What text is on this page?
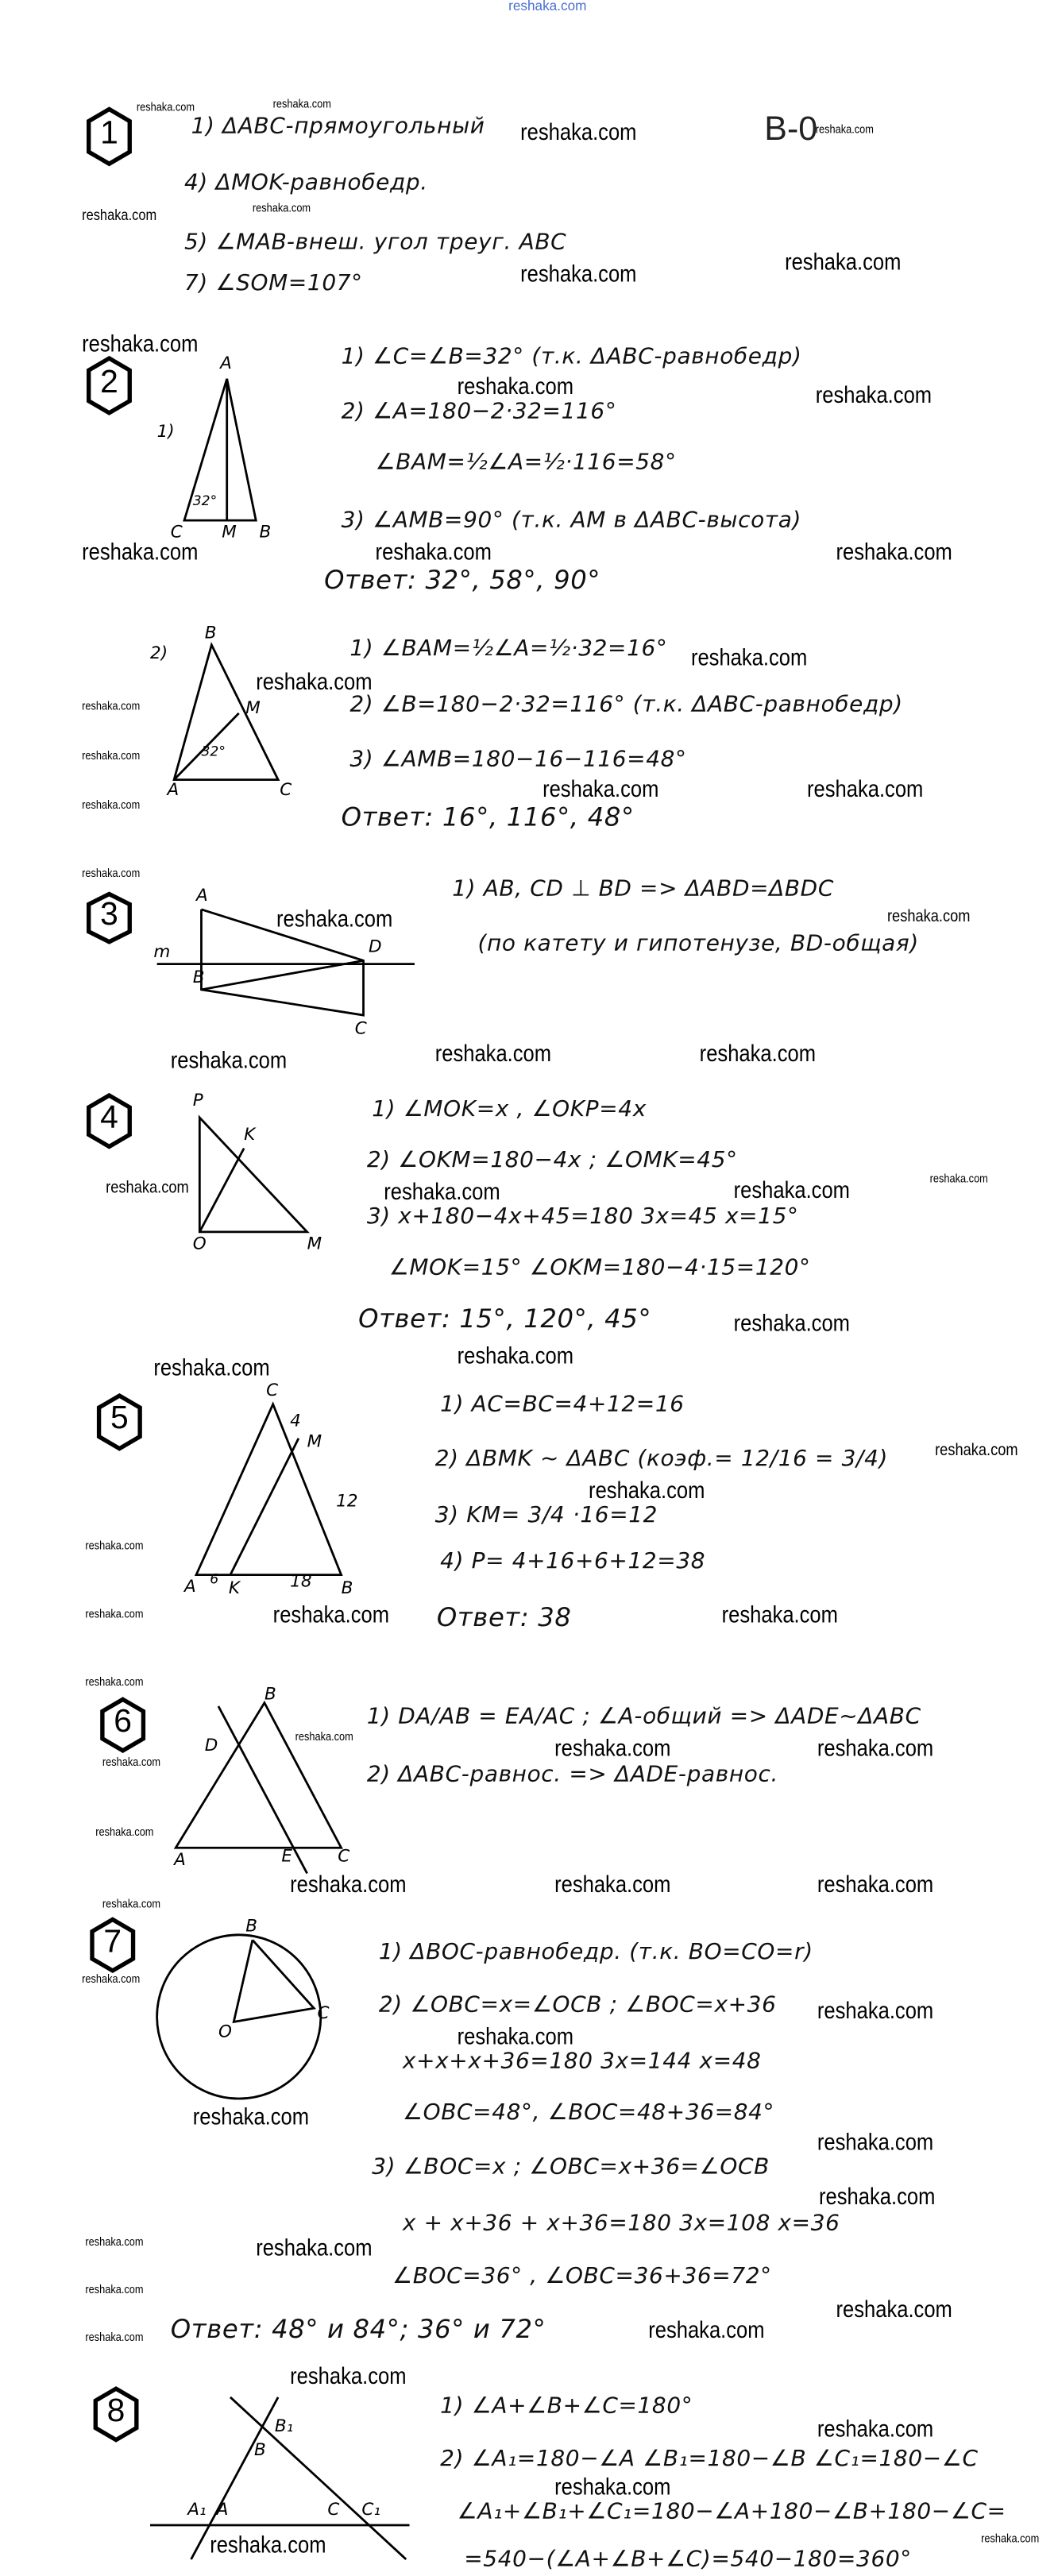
reshaka.com
B-0
1
2
3
4
5
6
7
8
1) ΔABC-прямоугольный
4) ΔMOK-равнобедр.
5) ∠MAB-внеш. угол треуг. ABC
7) ∠SOM=107°
1)
A
C	M	B
32°
1) ∠C=∠B=32° (т.к. ΔABC-равнобедр)
2) ∠A=180−2·32=116°
∠BAM=½∠A=½·116=58°
3) ∠AMB=90° (т.к. AM в ΔABC-высота)
Ответ: 32°, 58°, 90°
2)
B
M
A	C
32°
1) ∠BAM=½∠A=½·32=16°
2) ∠B=180−2·32=116° (т.к. ΔABC-равнобедр)
3) ∠AMB=180−16−116=48°
Ответ: 16°, 116°, 48°
A
D
m
B
C
1) AB, CD ⊥ BD => ΔABD=ΔBDC
(по катету и гипотенузе, BD-общая)
P
K
O	M
1) ∠MOK=x , ∠OKP=4x
2) ∠OKM=180−4x ; ∠OMK=45°
3) x+180−4x+45=180 3x=45 x=15°
∠MOK=15° ∠OKM=180−4·15=120°
Ответ: 15°, 120°, 45°
C
4
M
12
A 6
K	18	B
1) AC=BC=4+12=16
2) ΔBMK ~ ΔABC (коэф.= 12/16 = 3/4)
3) KM= 3/4 ·16=12
4) P= 4+16+6+12=38
Ответ: 38
B
D
A	E	C
1) DA/AB = EA/AC ; ∠A-общий => ΔADE~ΔABC
2) ΔABC-равнос. => ΔADE-равнос.
B
O
C
1) ΔBOC-равнобедр. (т.к. BO=CO=r)
2) ∠OBC=x=∠OCB ; ∠BOC=x+36
x+x+x+36=180 3x=144 x=48
∠OBC=48°, ∠BOC=48+36=84°
3) ∠BOC=x ; ∠OBC=x+36=∠OCB
x + x+36 + x+36=180 3x=108 x=36
∠BOC=36° , ∠OBC=36+36=72°
Ответ: 48° и 84°; 36° и 72°
B₁
B
A₁ A	C	C₁
1) ∠A+∠B+∠C=180°
2) ∠A₁=180−∠A ∠B₁=180−∠B ∠C₁=180−∠C
∠A₁+∠B₁+∠C₁=180−∠A+180−∠B+180−∠C=
=540−(∠A+∠B+∠C)=540−180=360°
reshaka.com	reshaka.com
reshaka.com	reshaka.com
reshaka.com	reshaka.com
reshaka.com	reshaka.com
reshaka.com
reshaka.com	reshaka.com
reshaka.com
reshaka.com	reshaka.com
reshaka.com
reshaka.com
reshaka.com
reshaka.com
reshaka.com
reshaka.com	reshaka.com
reshaka.com
reshaka.com	reshaka.com
reshaka.com	reshaka.com
reshaka.com
reshaka.com	reshaka.com	reshaka.com	reshaka.com
reshaka.com
reshaka.com
reshaka.com
reshaka.com
reshaka.com
reshaka.com
reshaka.com	reshaka.com	reshaka.com
reshaka.com
reshaka.com
reshaka.com
reshaka.com	reshaka.com
reshaka.com
reshaka.com	reshaka.com	reshaka.com
reshaka.com
reshaka.com
reshaka.com
reshaka.com
reshaka.com
reshaka.com
reshaka.com
reshaka.com	reshaka.com
reshaka.com
reshaka.com
reshaka.com	reshaka.com
reshaka.com
reshaka.com
reshaka.com
reshaka.com	reshaka.com
